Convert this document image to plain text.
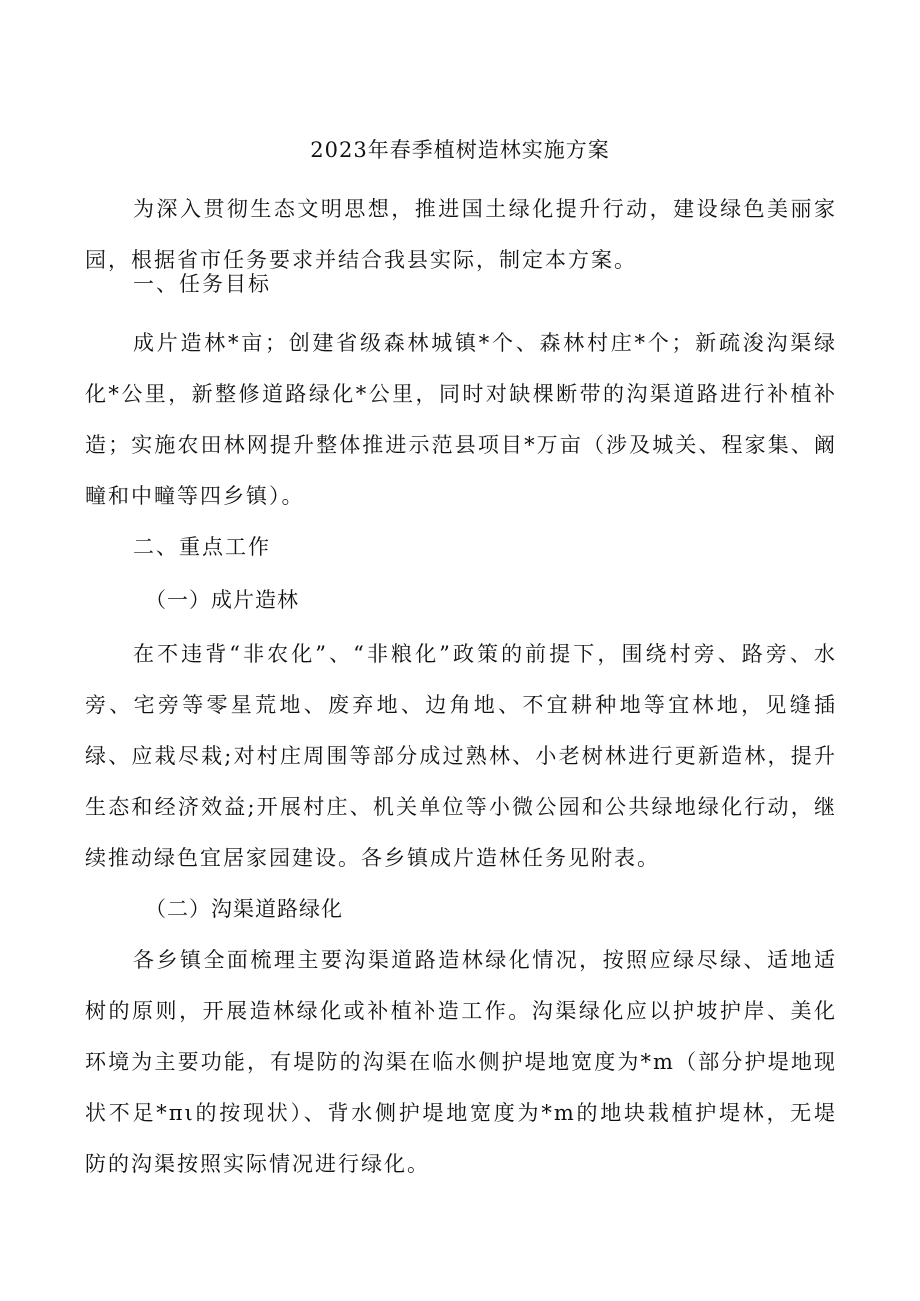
2023年春季植树造林实施方案

为深入贯彻生态文明思想，推进国土绿化提升行动，建设绿色美丽家园，根据省市任务要求并结合我县实际，制定本方案。

一、任务目标

成片造林*亩；创建省级森林城镇*个、森林村庄*个；新疏浚沟渠绿化*公里，新整修道路绿化*公里，同时对缺棵断带的沟渠道路进行补植补造；实施农田林网提升整体推进示范县项目*万亩（涉及城关、程家集、阚疃和中疃等四乡镇）。

二、重点工作

（一）成片造林

在不违背“非农化”、“非粮化”政策的前提下，围绕村旁、路旁、水旁、宅旁等零星荒地、废弃地、边角地、不宜耕种地等宜林地，见缝插绿、应栽尽栽;对村庄周围等部分成过熟林、小老树林进行更新造林，提升生态和经济效益;开展村庄、机关单位等小微公园和公共绿地绿化行动，继续推动绿色宜居家园建设。各乡镇成片造林任务见附表。

（二）沟渠道路绿化

各乡镇全面梳理主要沟渠道路造林绿化情况，按照应绿尽绿、适地适树的原则，开展造林绿化或补植补造工作。沟渠绿化应以护坡护岸、美化环境为主要功能，有堤防的沟渠在临水侧护堤地宽度为*m（部分护堤地现状不足*πι的按现状）、背水侧护堤地宽度为*m的地块栽植护堤林，无堤防的沟渠按照实际情况进行绿化。
